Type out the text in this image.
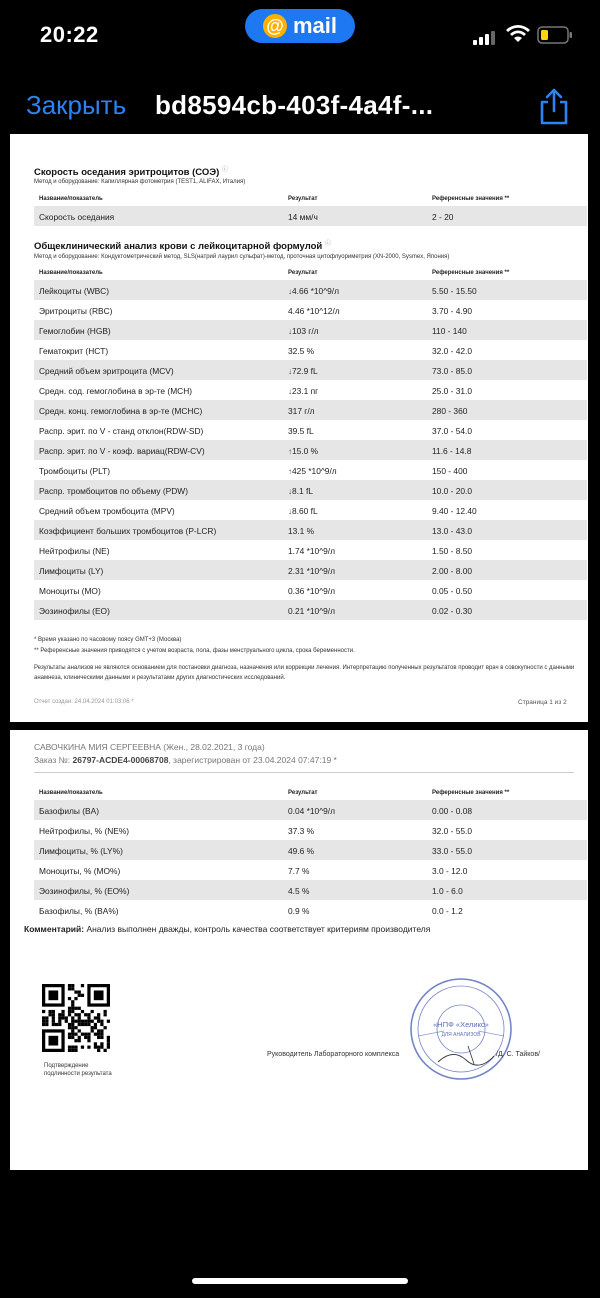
20:22	@ mail
Закрыть bd8594cb-403f-4a4f-...
Скорость оседания эритроцитов (СОЭ) ⓘ
Метод и оборудование: Капиллярная фотометрия (TEST1, ALIFAX, Италия)
Название/показатель	Результат	Референсные значения **
Скорость оседания	14 мм/ч	2 - 20
Общеклинический анализ крови с лейкоцитарной формулой ⓘ
Метод и оборудование: Кондуктометрический метод, SLS(натрий лаурил сульфат)-метод, проточная цитофлуориметрия (XN-2000, Sysmex, Япония)
Название/показатель	Результат	Референсные значения **
Лейкоциты (WBC)	↓4.66 *10^9/л	5.50 - 15.50
Эритроциты (RBC)	4.46 *10^12/л	3.70 - 4.90
Гемоглобин (HGB)	↓103 г/л	110 - 140
Гематокрит (HCT)	32.5 %	32.0 - 42.0
Средний объем эритроцита (MCV)	↓72.9 fL	73.0 - 85.0
Средн. сод. гемоглобина в эр-те (MCH)	↓23.1 пг	25.0 - 31.0
Средн. конц. гемоглобина в эр-те (MCHC)	317 г/л	280 - 360
Распр. эрит. по V - станд отклон(RDW-SD)	39.5 fL	37.0 - 54.0
Распр. эрит. по V - коэф. вариац(RDW-CV)	↑15.0 %	11.6 - 14.8
Тромбоциты (PLT)	↑425 *10^9/л	150 - 400
Распр. тромбоцитов по объему (PDW)	↓8.1 fL	10.0 - 20.0
Средний объем тромбоцита (MPV)	↓8.60 fL	9.40 - 12.40
Коэффициент больших тромбоцитов (P-LCR)	13.1 %	13.0 - 43.0
Нейтрофилы (NE)	1.74 *10^9/л	1.50 - 8.50
Лимфоциты (LY)	2.31 *10^9/л	2.00 - 8.00
Моноциты (MO)	0.36 *10^9/л	0.05 - 0.50
Эозинофилы (EO)	0.21 *10^9/л	0.02 - 0.30
* Время указано по часовому поясу GMT+3 (Москва)
** Референсные значения приводятся с учетом возраста, пола, фазы менструального цикла, срока беременности.
Результаты анализов не являются основанием для постановки диагноза, назначения или коррекции лечения. Интерпретацию полученных результатов проводит врач в совокупности с данными анамнеза, клиническими данными и результатами других диагностических исследований.
Отчет создан: 24.04.2024 01:03:06 *	Страница 1 из 2
САВОЧКИНА МИЯ СЕРГЕЕВНА (Жен., 28.02.2021, 3 года)
Заказ №: 26797-ACDE4-00068708, зарегистрирован от 23.04.2024 07:47:19 *
Название/показатель	Результат	Референсные значения **
Базофилы (BA)	0.04 *10^9/л	0.00 - 0.08
Нейтрофилы, % (NE%)	37.3 %	32.0 - 55.0
Лимфоциты, % (LY%)	49.6 %	33.0 - 55.0
Моноциты, % (MO%)	7.7 %	3.0 - 12.0
Эозинофилы, % (EO%)	4.5 %	1.0 - 6.0
Базофилы, % (BA%)	0.9 %	0.0 - 1.2
Комментарий: Анализ выполнен дважды, контроль качества соответствует критериям производителя
Подтверждение
подлинности результата
«НПФ «Хеликс»
ДЛЯ АНАЛИЗОВ
Руководитель Лабораторного комплекса	/Д. С. Тайков/
